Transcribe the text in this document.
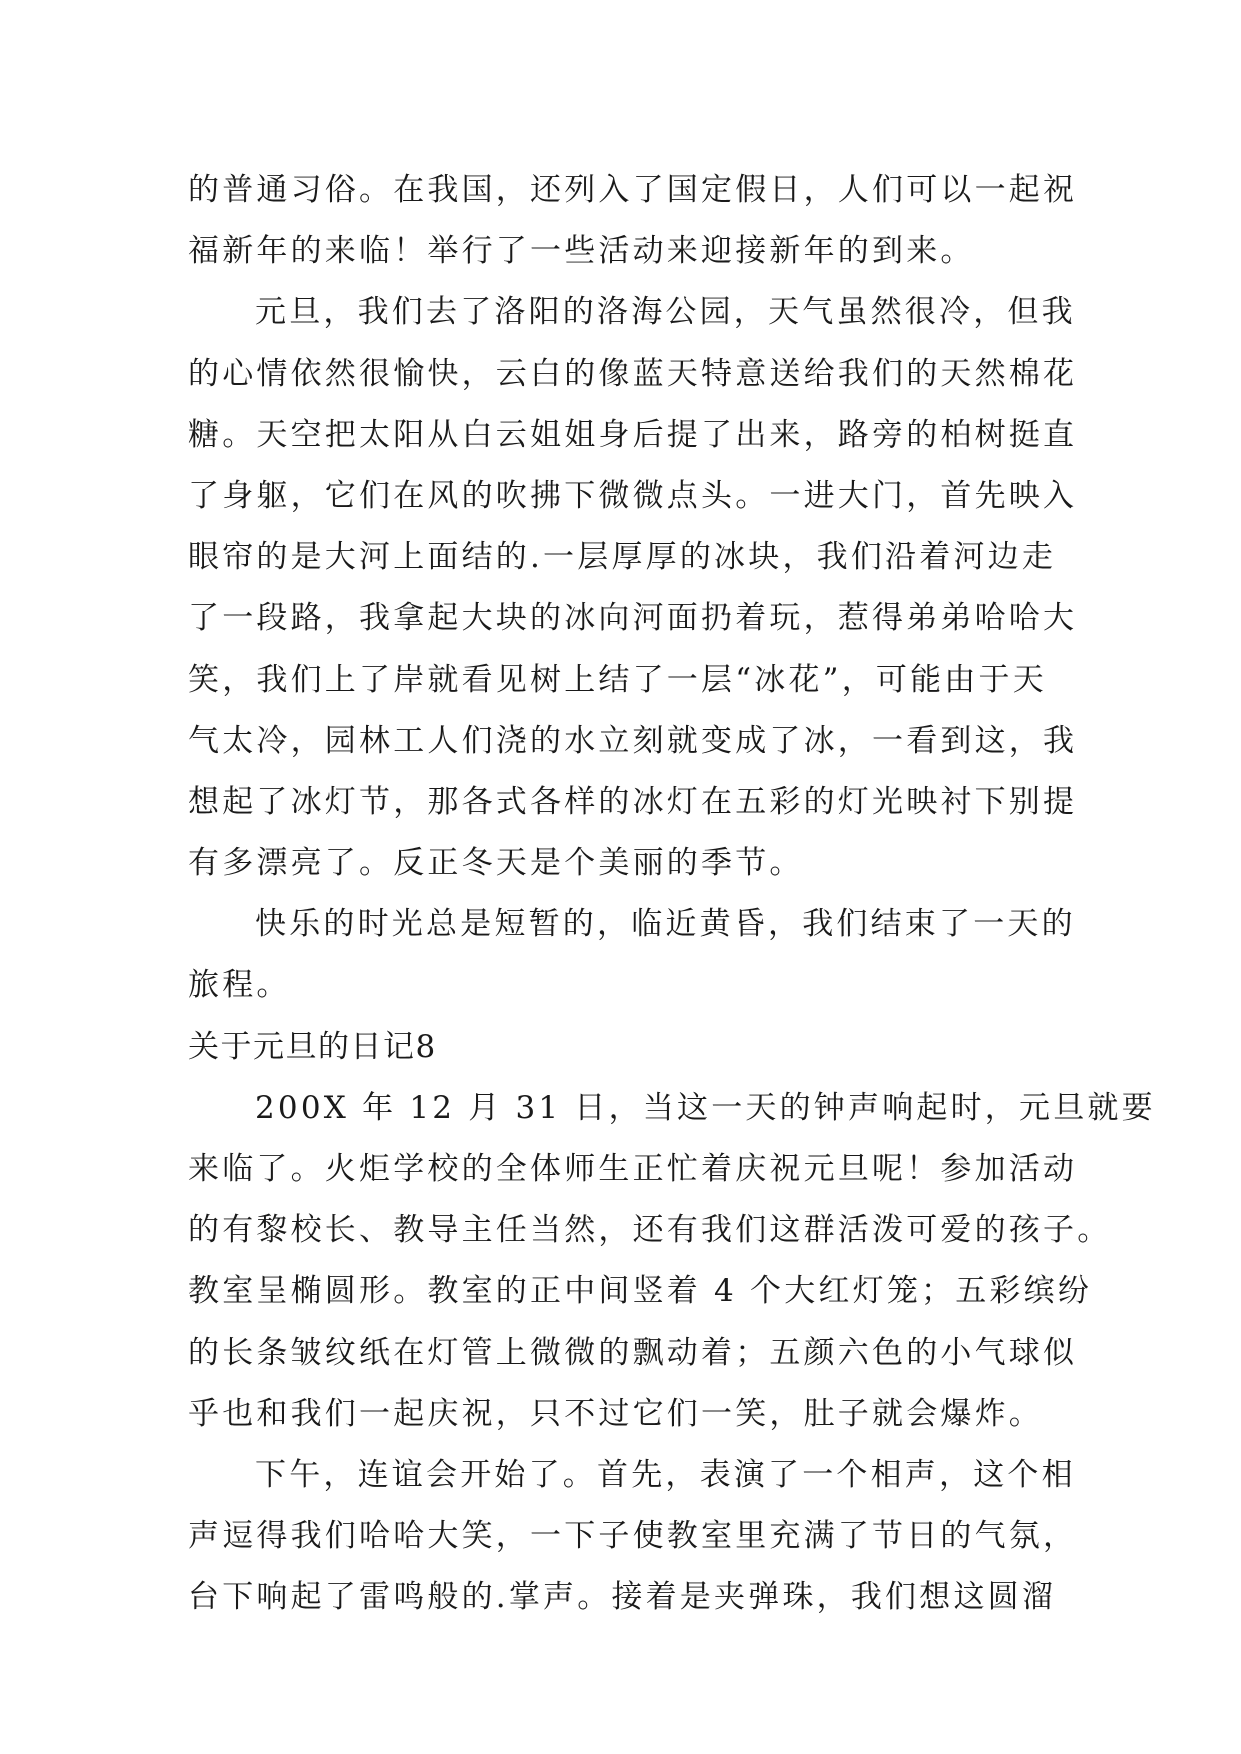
的普通习俗。在我国，还列入了国定假日，人们可以一起祝
福新年的来临！举行了一些活动来迎接新年的到来。
元旦，我们去了洛阳的洛海公园，天气虽然很冷，但我
的心情依然很愉快，云白的像蓝天特意送给我们的天然棉花
糖。天空把太阳从白云姐姐身后提了出来，路旁的柏树挺直
了身躯，它们在风的吹拂下微微点头。一进大门，首先映入
眼帘的是大河上面结的.一层厚厚的冰块，我们沿着河边走
了一段路，我拿起大块的冰向河面扔着玩，惹得弟弟哈哈大
笑，我们上了岸就看见树上结了一层“冰花”，可能由于天
气太冷，园林工人们浇的水立刻就变成了冰，一看到这，我
想起了冰灯节，那各式各样的冰灯在五彩的灯光映衬下别提
有多漂亮了。反正冬天是个美丽的季节。
快乐的时光总是短暂的，临近黄昏，我们结束了一天的
旅程。
关于元旦的日记8
200X 年 12 月 31 日，当这一天的钟声响起时，元旦就要
来临了。火炬学校的全体师生正忙着庆祝元旦呢！参加活动
的有黎校长、教导主任当然，还有我们这群活泼可爱的孩子。
教室呈椭圆形。教室的正中间竖着 4 个大红灯笼；五彩缤纷
的长条皱纹纸在灯管上微微的飘动着；五颜六色的小气球似
乎也和我们一起庆祝，只不过它们一笑，肚子就会爆炸。
下午，连谊会开始了。首先，表演了一个相声，这个相
声逗得我们哈哈大笑，一下子使教室里充满了节日的气氛，
台下响起了雷鸣般的.掌声。接着是夹弹珠，我们想这圆溜
